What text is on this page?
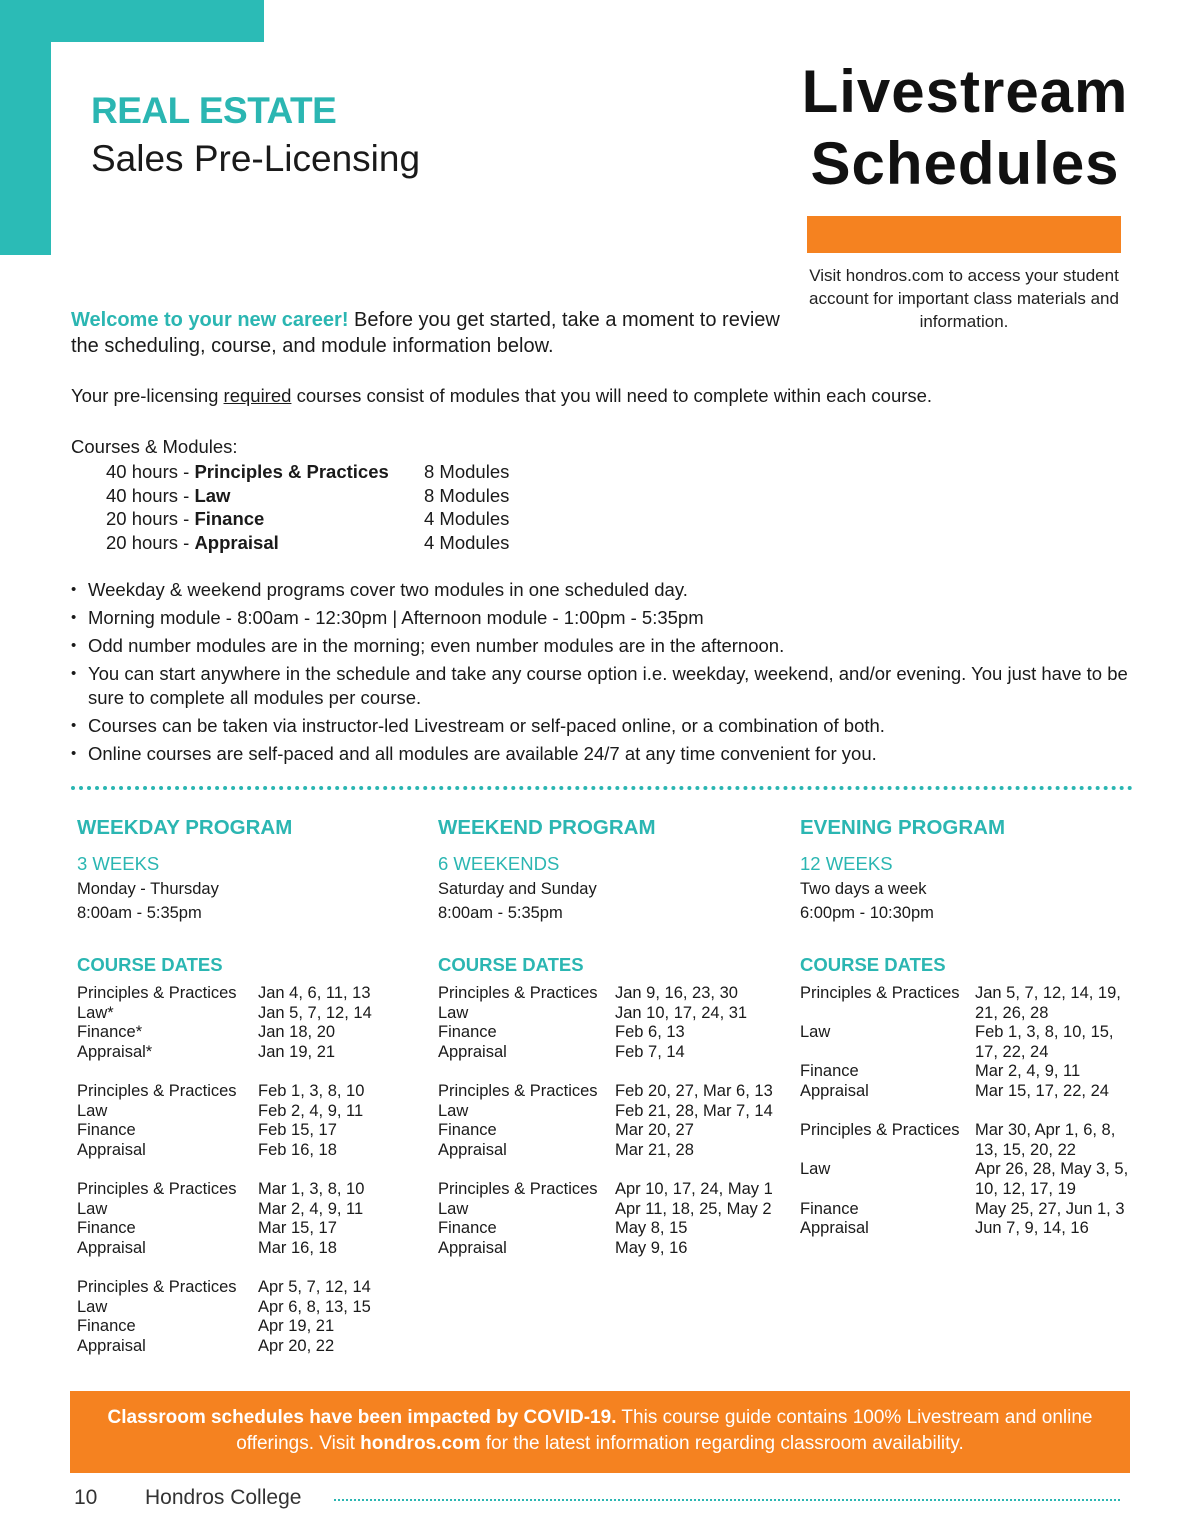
REAL ESTATE
Sales Pre-Licensing
Livestream
Schedules
Visit hondros.com to access your student account for important class materials and information.
Welcome to your new career! Before you get started, take a moment to review the scheduling, course, and module information below.
Your pre-licensing required courses consist of modules that you will need to complete within each course.
Courses & Modules:
40 hours - Principles & Practices	8 Modules
40 hours - Law	8 Modules
20 hours - Finance	4 Modules
20 hours - Appraisal	4 Modules
• Weekday & weekend programs cover two modules in one scheduled day.
• Morning module - 8:00am - 12:30pm | Afternoon module - 1:00pm - 5:35pm
• Odd number modules are in the morning; even number modules are in the afternoon.
• You can start anywhere in the schedule and take any course option i.e. weekday, weekend, and/or evening. You just have to be sure to complete all modules per course.
• Courses can be taken via instructor-led Livestream or self-paced online, or a combination of both.
• Online courses are self-paced and all modules are available 24/7 at any time convenient for you.
WEEKDAY PROGRAM
3 WEEKS
Monday - Thursday
8:00am - 5:35pm
COURSE DATES
Principles & Practices	Jan 4, 6, 11, 13
Law*	Jan 5, 7, 12, 14
Finance*	Jan 18, 20
Appraisal*	Jan 19, 21
Principles & Practices	Feb 1, 3, 8, 10
Law	Feb 2, 4, 9, 11
Finance	Feb 15, 17
Appraisal	Feb 16, 18
Principles & Practices	Mar 1, 3, 8, 10
Law	Mar 2, 4, 9, 11
Finance	Mar 15, 17
Appraisal	Mar 16, 18
Principles & Practices	Apr 5, 7, 12, 14
Law	Apr 6, 8, 13, 15
Finance	Apr 19, 21
Appraisal	Apr 20, 22
WEEKEND PROGRAM
6 WEEKENDS
Saturday and Sunday
8:00am - 5:35pm
COURSE DATES
Principles & Practices	Jan 9, 16, 23, 30
Law	Jan 10, 17, 24, 31
Finance	Feb 6, 13
Appraisal	Feb 7, 14
Principles & Practices	Feb 20, 27, Mar 6, 13
Law	Feb 21, 28, Mar 7, 14
Finance	Mar 20, 27
Appraisal	Mar 21, 28
Principles & Practices	Apr 10, 17, 24, May 1
Law	Apr 11, 18, 25, May 2
Finance	May 8, 15
Appraisal	May 9, 16
EVENING PROGRAM
12 WEEKS
Two days a week
6:00pm - 10:30pm
COURSE DATES
Principles & Practices Jan 5, 7, 12, 14, 19, 21, 26, 28
Law	Feb 1, 3, 8, 10, 15, 17, 22, 24
Finance	Mar 2, 4, 9, 11
Appraisal	Mar 15, 17, 22, 24
Principles & Practices Mar 30, Apr 1, 6, 8, 13, 15, 20, 22
Law	Apr 26, 28, May 3, 5, 10, 12, 17, 19
Finance	May 25, 27, Jun 1, 3
Appraisal	Jun 7, 9, 14, 16
Classroom schedules have been impacted by COVID-19. This course guide contains 100% Livestream and online offerings. Visit hondros.com for the latest information regarding classroom availability.
10 Hondros College
